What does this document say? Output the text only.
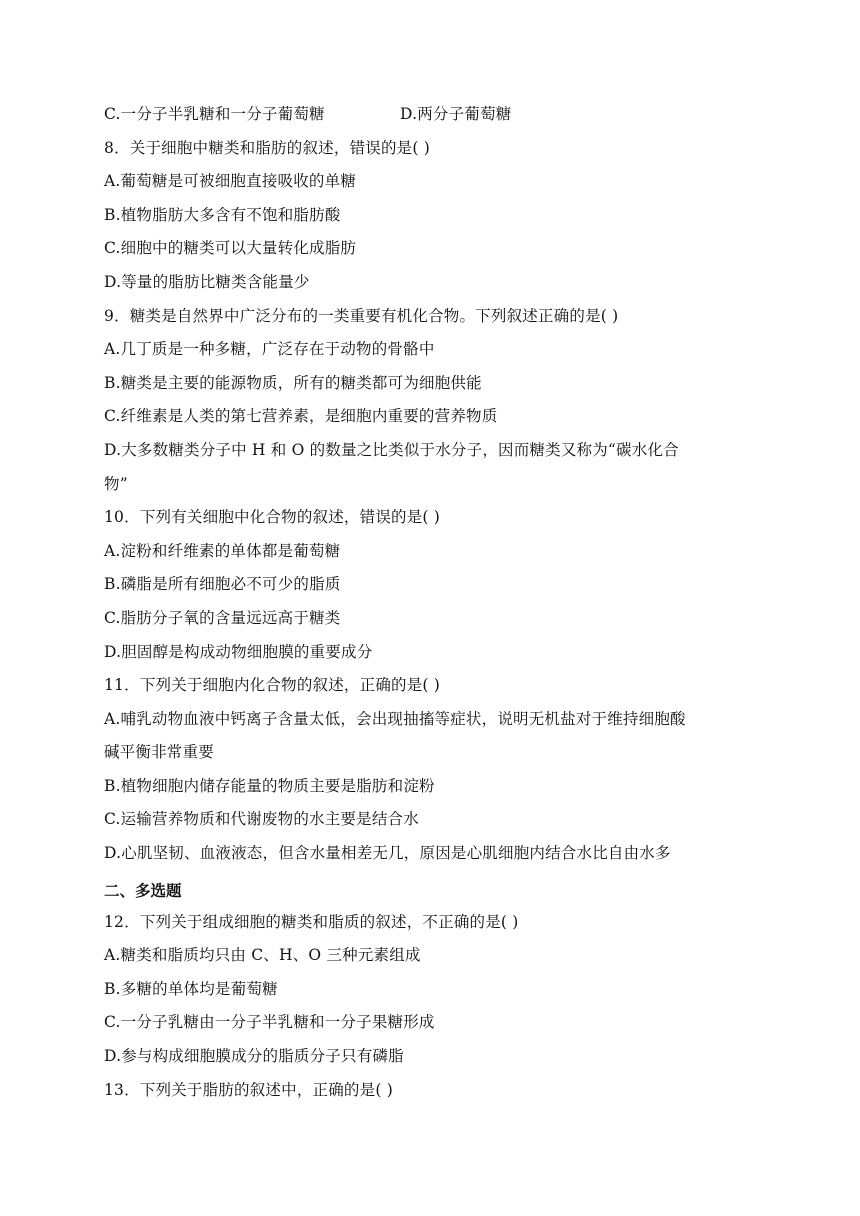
C.一分子半乳糖和一分子葡萄糖	D.两分子葡萄糖
8．关于细胞中糖类和脂肪的叙述，错误的是( )
A.葡萄糖是可被细胞直接吸收的单糖
B.植物脂肪大多含有不饱和脂肪酸
C.细胞中的糖类可以大量转化成脂肪
D.等量的脂肪比糖类含能量少
9．糖类是自然界中广泛分布的一类重要有机化合物。下列叙述正确的是( )
A.几丁质是一种多糖，广泛存在于动物的骨骼中
B.糖类是主要的能源物质，所有的糖类都可为细胞供能
C.纤维素是人类的第七营养素，是细胞内重要的营养物质
D.大多数糖类分子中 H 和 O 的数量之比类似于水分子，因而糖类又称为“碳水化合
物”
10．下列有关细胞中化合物的叙述，错误的是( )
A.淀粉和纤维素的单体都是葡萄糖
B.磷脂是所有细胞必不可少的脂质
C.脂肪分子氧的含量远远高于糖类
D.胆固醇是构成动物细胞膜的重要成分
11．下列关于细胞内化合物的叙述，正确的是( )
A.哺乳动物血液中钙离子含量太低，会出现抽搐等症状，说明无机盐对于维持细胞酸
碱平衡非常重要
B.植物细胞内储存能量的物质主要是脂肪和淀粉
C.运输营养物质和代谢废物的水主要是结合水
D.心肌坚韧、血液液态，但含水量相差无几，原因是心肌细胞内结合水比自由水多
二、多选题
12．下列关于组成细胞的糖类和脂质的叙述，不正确的是( )
A.糖类和脂质均只由 C、H、O 三种元素组成
B.多糖的单体均是葡萄糖
C.一分子乳糖由一分子半乳糖和一分子果糖形成
D.参与构成细胞膜成分的脂质分子只有磷脂
13．下列关于脂肪的叙述中，正确的是( )
